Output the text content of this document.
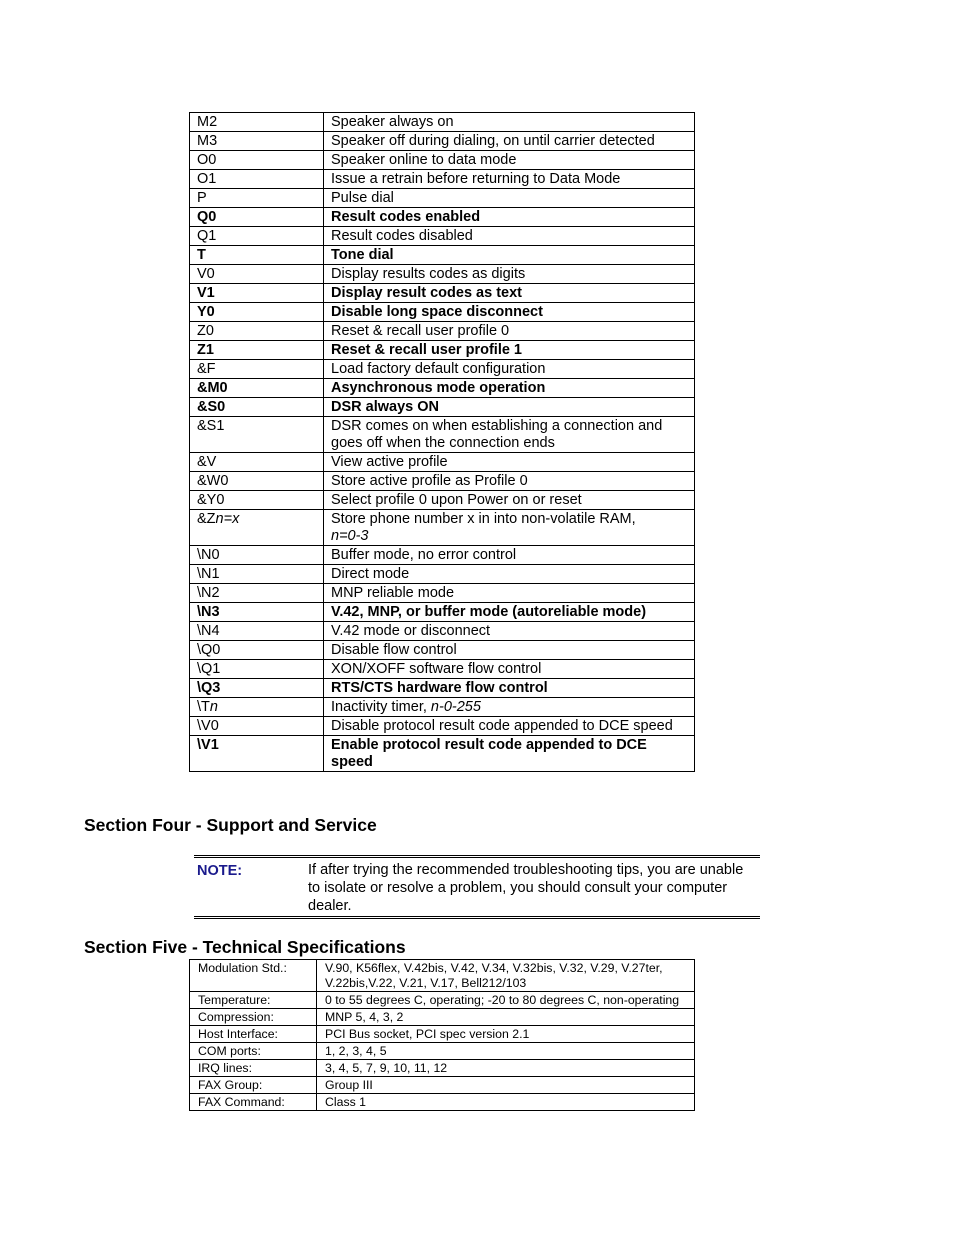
M2	Speaker always on
M3	Speaker off during dialing, on until carrier detected
O0	Speaker online to data mode
O1	Issue a retrain before returning to Data Mode
P	Pulse dial
Q0	Result codes enabled
Q1	Result codes disabled
T	Tone dial
V0	Display results codes as digits
V1	Display result codes as text
Y0	Disable long space disconnect
Z0	Reset & recall user profile 0
Z1	Reset & recall user profile 1
&F	Load factory default configuration
&M0	Asynchronous mode operation
&S0	DSR always ON
&S1	DSR comes on when establishing a connection and goes off when the connection ends
&V	View active profile
&W0	Store active profile as Profile 0
&Y0	Select profile 0 upon Power on or reset
&Zn=x	Store phone number x in into non-volatile RAM,
n=0-3
\N0	Buffer mode, no error control
\N1	Direct mode
\N2	MNP reliable mode
\N3	V.42, MNP, or buffer mode (autoreliable mode)
\N4	V.42 mode or disconnect
\Q0	Disable flow control
\Q1	XON/XOFF software flow control
\Q3	RTS/CTS hardware flow control
\Tn	Inactivity timer, n-0-255
\V0	Disable protocol result code appended to DCE speed
\V1	Enable protocol result code appended to DCE speed
Section Four - Support and Service
NOTE:	If after trying the recommended troubleshooting tips, you are unable to isolate or resolve a problem, you should consult your computer dealer.
Section Five - Technical Specifications
Modulation Std.:	V.90, K56flex, V.42bis, V.42, V.34, V.32bis, V.32, V.29, V.27ter, V.22bis,V.22, V.21, V.17, Bell212/103
Temperature:	0 to 55 degrees C, operating; -20 to 80 degrees C, non-operating
Compression:	MNP 5, 4, 3, 2
Host Interface:	PCI Bus socket, PCI spec version 2.1
COM ports:	1, 2, 3, 4, 5
IRQ lines:	3, 4, 5, 7, 9, 10, 11, 12
FAX Group:	Group III
FAX Command:	Class 1
